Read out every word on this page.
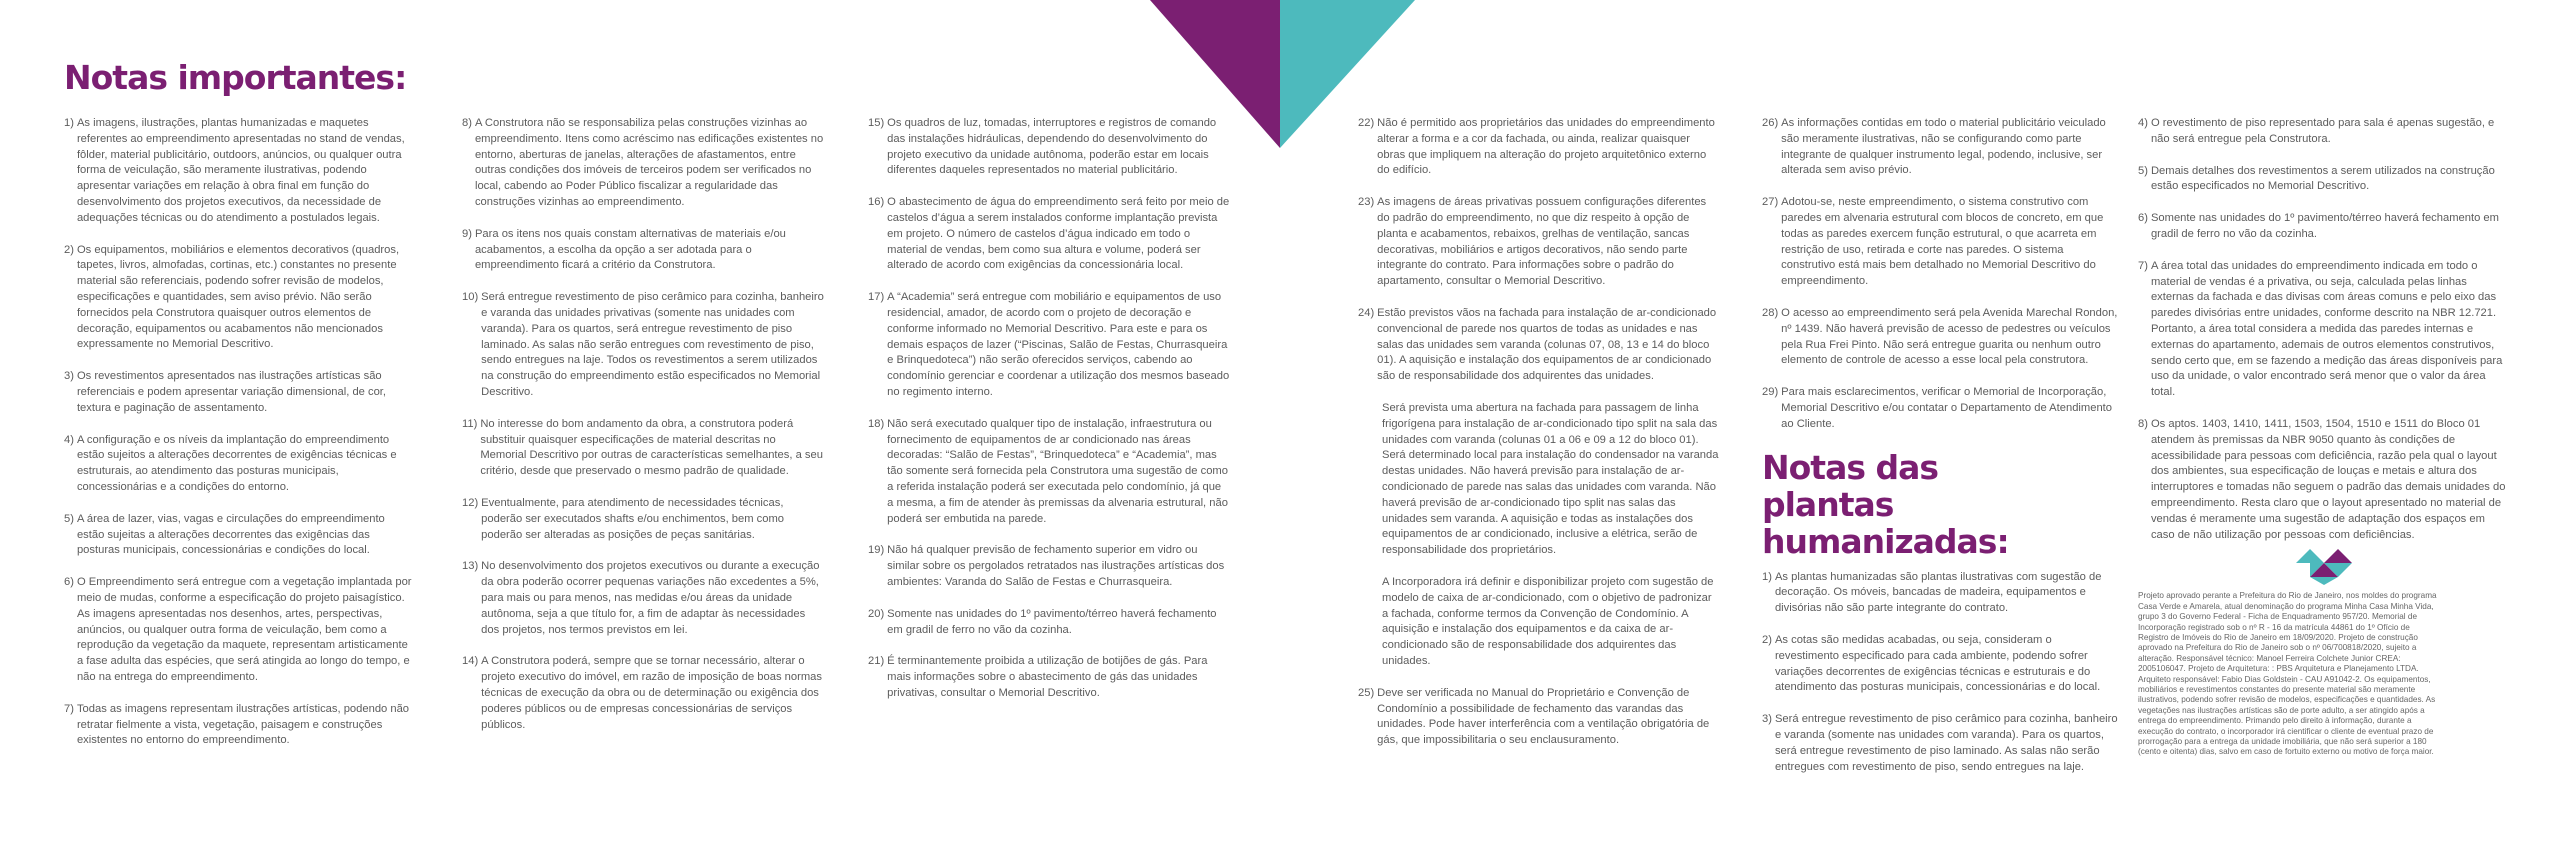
Notas importantes:
1) As imagens, ilustrações, plantas humanizadas e maquetes referentes ao empreendimento apresentadas no stand de vendas, fôlder, material publicitário, outdoors, anúncios, ou qualquer outra forma de veiculação, são meramente ilustrativas, podendo apresentar variações em relação à obra final em função do desenvolvimento dos projetos executivos, da necessidade de adequações técnicas ou do atendimento a postulados legais.
2) Os equipamentos, mobiliários e elementos decorativos (quadros, tapetes, livros, almofadas, cortinas, etc.) constantes no presente material são referenciais, podendo sofrer revisão de modelos, especificações e quantidades, sem aviso prévio. Não serão fornecidos pela Construtora quaisquer outros elementos de decoração, equipamentos ou acabamentos não mencionados expressamente no Memorial Descritivo.
3) Os revestimentos apresentados nas ilustrações artísticas são referenciais e podem apresentar variação dimensional, de cor, textura e paginação de assentamento.
4) A configuração e os níveis da implantação do empreendimento estão sujeitos a alterações decorrentes de exigências técnicas e estruturais, ao atendimento das posturas municipais, concessionárias e a condições do entorno.
5) A área de lazer, vias, vagas e circulações do empreendimento estão sujeitas a alterações decorrentes das exigências das posturas municipais, concessionárias e condições do local.
6) O Empreendimento será entregue com a vegetação implantada por meio de mudas, conforme a especificação do projeto paisagístico. As imagens apresentadas nos desenhos, artes, perspectivas, anúncios, ou qualquer outra forma de veiculação, bem como a reprodução da vegetação da maquete, representam artisticamente a fase adulta das espécies, que será atingida ao longo do tempo, e não na entrega do empreendimento.
7) Todas as imagens representam ilustrações artísticas, podendo não retratar fielmente a vista, vegetação, paisagem e construções existentes no entorno do empreendimento.
8) A Construtora não se responsabiliza pelas construções vizinhas ao empreendimento. Itens como acréscimo nas edificações existentes no entorno, aberturas de janelas, alterações de afastamentos, entre outras condições dos imóveis de terceiros podem ser verificados no local, cabendo ao Poder Público fiscalizar a regularidade das construções vizinhas ao empreendimento.
9) Para os itens nos quais constam alternativas de materiais e/ou acabamentos, a escolha da opção a ser adotada para o empreendimento ficará a critério da Construtora.
10) Será entregue revestimento de piso cerâmico para cozinha, banheiro e varanda das unidades privativas (somente nas unidades com varanda). Para os quartos, será entregue revestimento de piso laminado. As salas não serão entregues com revestimento de piso, sendo entregues na laje. Todos os revestimentos a serem utilizados na construção do empreendimento estão especificados no Memorial Descritivo.
11) No interesse do bom andamento da obra, a construtora poderá substituir quaisquer especificações de material descritas no Memorial Descritivo por outras de características semelhantes, a seu critério, desde que preservado o mesmo padrão de qualidade.
12) Eventualmente, para atendimento de necessidades técnicas, poderão ser executados shafts e/ou enchimentos, bem como poderão ser alteradas as posições de peças sanitárias.
13) No desenvolvimento dos projetos executivos ou durante a execução da obra poderão ocorrer pequenas variações não excedentes a 5%, para mais ou para menos, nas medidas e/ou áreas da unidade autônoma, seja a que título for, a fim de adaptar às necessidades dos projetos, nos termos previstos em lei.
14) A Construtora poderá, sempre que se tornar necessário, alterar o projeto executivo do imóvel, em razão de imposição de boas normas técnicas de execução da obra ou de determinação ou exigência dos poderes públicos ou de empresas concessionárias de serviços públicos.
15) Os quadros de luz, tomadas, interruptores e registros de comando das instalações hidráulicas, dependendo do desenvolvimento do projeto executivo da unidade autônoma, poderão estar em locais diferentes daqueles representados no material publicitário.
16) O abastecimento de água do empreendimento será feito por meio de castelos d’água a serem instalados conforme implantação prevista em projeto. O número de castelos d’água indicado em todo o material de vendas, bem como sua altura e volume, poderá ser alterado de acordo com exigências da concessionária local.
17) A “Academia” será entregue com mobiliário e equipamentos de uso residencial, amador, de acordo com o projeto de decoração e conforme informado no Memorial Descritivo. Para este e para os demais espaços de lazer (“Piscinas, Salão de Festas, Churrasqueira e Brinquedoteca”) não serão oferecidos serviços, cabendo ao condomínio gerenciar e coordenar a utilização dos mesmos baseado no regimento interno.
18) Não será executado qualquer tipo de instalação, infraestrutura ou fornecimento de equipamentos de ar condicionado nas áreas decoradas: “Salão de Festas”, “Brinquedoteca” e “Academia”, mas tão somente será fornecida pela Construtora uma sugestão de como a referida instalação poderá ser executada pelo condomínio, já que a mesma, a fim de atender às premissas da alvenaria estrutural, não poderá ser embutida na parede.
19) Não há qualquer previsão de fechamento superior em vidro ou similar sobre os pergolados retratados nas ilustrações artísticas dos ambientes: Varanda do Salão de Festas e Churrasqueira.
20) Somente nas unidades do 1º pavimento/térreo haverá fechamento em gradil de ferro no vão da cozinha.
21) É terminantemente proibida a utilização de botijões de gás. Para mais informações sobre o abastecimento de gás das unidades privativas, consultar o Memorial Descritivo.
22) Não é permitido aos proprietários das unidades do empreendimento alterar a forma e a cor da fachada, ou ainda, realizar quaisquer obras que impliquem na alteração do projeto arquitetônico externo do edifício.
23) As imagens de áreas privativas possuem configurações diferentes do padrão do empreendimento, no que diz respeito à opção de planta e acabamentos, rebaixos, grelhas de ventilação, sancas decorativas, mobiliários e artigos decorativos, não sendo parte integrante do contrato. Para informações sobre o padrão do apartamento, consultar o Memorial Descritivo.
24) Estão previstos vãos na fachada para instalação de ar-condicionado convencional de parede nos quartos de todas as unidades e nas salas das unidades sem varanda (colunas 07, 08, 13 e 14 do bloco 01). A aquisição e instalação dos equipamentos de ar condicionado são de responsabilidade dos adquirentes das unidades.
Será prevista uma abertura na fachada para passagem de linha frigorígena para instalação de ar-condicionado tipo split na sala das unidades com varanda (colunas 01 a 06 e 09 a 12 do bloco 01). Será determinado local para instalação do condensador na varanda destas unidades. Não haverá previsão para instalação de ar-condicionado de parede nas salas das unidades com varanda. Não haverá previsão de ar-condicionado tipo split nas salas das unidades sem varanda. A aquisição e todas as instalações dos equipamentos de ar condicionado, inclusive a elétrica, serão de responsabilidade dos proprietários.
A Incorporadora irá definir e disponibilizar projeto com sugestão de modelo de caixa de ar-condicionado, com o objetivo de padronizar a fachada, conforme termos da Convenção de Condomínio. A aquisição e instalação dos equipamentos e da caixa de ar-condicionado são de responsabilidade dos adquirentes das unidades.
25) Deve ser verificada no Manual do Proprietário e Convenção de Condomínio a possibilidade de fechamento das varandas das unidades. Pode haver interferência com a ventilação obrigatória de gás, que impossibilitaria o seu enclausuramento.
26) As informações contidas em todo o material publicitário veiculado são meramente ilustrativas, não se configurando como parte integrante de qualquer instrumento legal, podendo, inclusive, ser alterada sem aviso prévio.
27) Adotou-se, neste empreendimento, o sistema construtivo com paredes em alvenaria estrutural com blocos de concreto, em que todas as paredes exercem função estrutural, o que acarreta em restrição de uso, retirada e corte nas paredes. O sistema construtivo está mais bem detalhado no Memorial Descritivo do empreendimento.
28) O acesso ao empreendimento será pela Avenida Marechal Rondon, nº 1439. Não haverá previsão de acesso de pedestres ou veículos pela Rua Frei Pinto. Não será entregue guarita ou nenhum outro elemento de controle de acesso a esse local pela construtora.
29) Para mais esclarecimentos, verificar o Memorial de Incorporação, Memorial Descritivo e/ou contatar o Departamento de Atendimento ao Cliente.
Notas das plantas humanizadas:
1) As plantas humanizadas são plantas ilustrativas com sugestão de decoração. Os móveis, bancadas de madeira, equipamentos e divisórias não são parte integrante do contrato.
2) As cotas são medidas acabadas, ou seja, consideram o revestimento especificado para cada ambiente, podendo sofrer variações decorrentes de exigências técnicas e estruturais e do atendimento das posturas municipais, concessionárias e do local.
3) Será entregue revestimento de piso cerâmico para cozinha, banheiro e varanda (somente nas unidades com varanda). Para os quartos, será entregue revestimento de piso laminado. As salas não serão entregues com revestimento de piso, sendo entregues na laje.
4) O revestimento de piso representado para sala é apenas sugestão, e não será entregue pela Construtora.
5) Demais detalhes dos revestimentos a serem utilizados na construção estão especificados no Memorial Descritivo.
6) Somente nas unidades do 1º pavimento/térreo haverá fechamento em gradil de ferro no vão da cozinha.
7) A área total das unidades do empreendimento indicada em todo o material de vendas é a privativa, ou seja, calculada pelas linhas externas da fachada e das divisas com áreas comuns e pelo eixo das paredes divisórias entre unidades, conforme descrito na NBR 12.721. Portanto, a área total considera a medida das paredes internas e externas do apartamento, ademais de outros elementos construtivos, sendo certo que, em se fazendo a medição das áreas disponíveis para uso da unidade, o valor encontrado será menor que o valor da área total.
8) Os aptos. 1403, 1410, 1411, 1503, 1504, 1510 e 1511 do Bloco 01 atendem às premissas da NBR 9050 quanto às condições de acessibilidade para pessoas com deficiência, razão pela qual o layout dos ambientes, sua especificação de louças e metais e altura dos interruptores e tomadas não seguem o padrão das demais unidades do empreendimento. Resta claro que o layout apresentado no material de vendas é meramente uma sugestão de adaptação dos espaços em caso de não utilização por pessoas com deficiências.
Projeto aprovado perante a Prefeitura do Rio de Janeiro, nos moldes do programa Casa Verde e Amarela, atual denominação do programa Minha Casa Minha Vida, grupo 3 do Governo Federal - Ficha de Enquadramento 957/20. Memorial de Incorporação registrado sob o nº R - 16 da matrícula 44861 do 1º Ofício de Registro de Imóveis do Rio de Janeiro em 18/09/2020. Projeto de construção aprovado na Prefeitura do Rio de Janeiro sob o nº 06/700818/2020, sujeito a alteração. Responsável técnico: Manoel Ferreira Colchete Junior CREA: 2005106047. Projeto de Arquitetura: : PBS Arquitetura e Planejamento LTDA. Arquiteto responsável: Fabio Dias Goldstein - CAU A91042-2. Os equipamentos, mobiliários e revestimentos constantes do presente material são meramente ilustrativos, podendo sofrer revisão de modelos, especificações e quantidades. As vegetações nas ilustrações artísticas são de porte adulto, a ser atingido após a entrega do empreendimento. Primando pelo direito à informação, durante a execução do contrato, o incorporador irá cientificar o cliente de eventual prazo de prorrogação para a entrega da unidade imobiliária, que não será superior a 180 (cento e oitenta) dias, salvo em caso de fortuito externo ou motivo de força maior.
